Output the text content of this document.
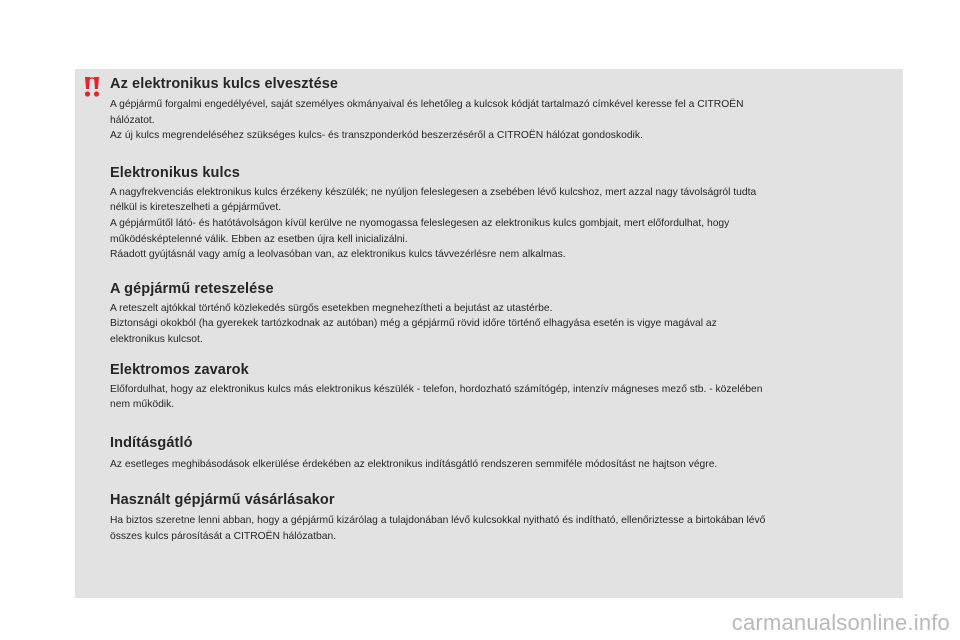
Az elektronikus kulcs elvesztése

A gépjármű forgalmi engedélyével, saját személyes okmányaival és lehetőleg a kulcsok kódját tartalmazó címkével keresse fel a CITROËN

hálózatot.

Az új kulcs megrendeléséhez szükséges kulcs- és transzponderkód beszerzéséről a CITROËN hálózat gondoskodik.

Elektronikus kulcs

A nagyfrekvenciás elektronikus kulcs érzékeny készülék; ne nyúljon feleslegesen a zsebében lévő kulcshoz, mert azzal nagy távolságról tudta

nélkül is kireteszelheti a gépjárművet.

A gépjárműtől látó- és hatótávolságon kívül kerülve ne nyomogassa feleslegesen az elektronikus kulcs gombjait, mert előfordulhat, hogy

működésképtelenné válik. Ebben az esetben újra kell inicializálni.

Ráadott gyújtásnál vagy amíg a leolvasóban van, az elektronikus kulcs távvezérlésre nem alkalmas.

A gépjármű reteszelése

A reteszelt ajtókkal történő közlekedés sürgős esetekben megnehezítheti a bejutást az utastérbe.

Biztonsági okokból (ha gyerekek tartózkodnak az autóban) még a gépjármű rövid időre történő elhagyása esetén is vigye magával az

elektronikus kulcsot.

Elektromos zavarok

Előfordulhat, hogy az elektronikus kulcs más elektronikus készülék - telefon, hordozható számítógép, intenzív mágneses mező stb. - közelében

nem működik.

Indításgátló

Az esetleges meghibásodások elkerülése érdekében az elektronikus indításgátló rendszeren semmiféle módosítást ne hajtson végre.

Használt gépjármű vásárlásakor

Ha biztos szeretne lenni abban, hogy a gépjármű kizárólag a tulajdonában lévő kulcsokkal nyitható és indítható, ellenőriztesse a birtokában lévő

összes kulcs párosítását a CITROËN hálózatban.

carmanualsonline.info
